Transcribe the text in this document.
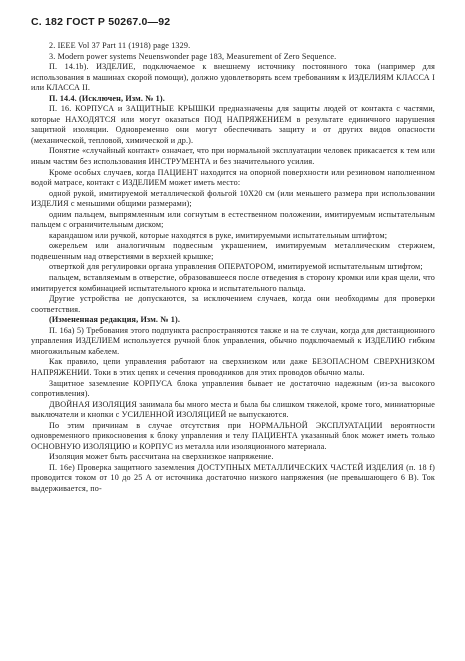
С. 182 ГОСТ Р 50267.0—92

2. IEEE Vol 37 Part 11 (1918) page 1329.

3. Modern power systems Neuenswonder page 183, Measurement of Zero Sequence.

П. 14.1b). ИЗДЕЛИЕ, подключаемое к внешнему источнику постоянного тока (например для использования в машинах скорой помощи), должно удовлетворять всем требованиям к ИЗДЕЛИЯМ КЛАССА I или КЛАССА II.

П. 14.4. (Исключен, Изм. № 1).

П. 16. КОРПУСА и ЗАЩИТНЫЕ КРЫШКИ предназначены для защиты людей от контакта с частями, которые НАХОДЯТСЯ или могут оказаться ПОД НАПРЯЖЕНИЕМ в результате единичного нарушения защитной изоляции. Одновременно они могут обеспечивать защиту и от других видов опасности (механической, тепловой, химической и др.).

Понятие «случайный контакт» означает, что при нормальной эксплуатации человек прикасается к тем или иным частям без использования ИНСТРУМЕНТА и без значительного усилия.

Кроме особых случаев, когда ПАЦИЕНТ находится на опорной поверхности или резиновом наполненном водой матрасе, контакт с ИЗДЕЛИЕМ может иметь место:

одной рукой, имитируемой металлической фольгой 10Х20 см (или меньшего размера при использовании ИЗДЕЛИЯ с меньшими общими размерами);

одним пальцем, выпрямленным или согнутым в естественном положении, имитируемым испытательным пальцем с ограничительным диском;

карандашом или ручкой, которые находятся в руке, имитируемыми испытательным штифтом;

ожерельем или аналогичным подвесным украшением, имитируемым металлическим стержнем, подвешенным над отверстиями в верхней крышке;

отверткой для регулировки органа управления ОПЕРАТОРОМ, имитируемой испытательным штифтом;

пальцем, вставляемым в отверстие, образовавшееся после отведения в сторону кромки или края щели, что имитируется комбинацией испытательного крюка и испытательного пальца.

Другие устройства не допускаются, за исключением случаев, когда они необходимы для проверки соответствия.

(Измененная редакция, Изм. № 1).

П. 16a) 5) Требования этого подпункта распространяются также и на те случаи, когда для дистанционного управления ИЗДЕЛИЕМ используется ручной блок управления, обычно подключаемый к ИЗДЕЛИЮ гибким многожильным кабелем.

Как правило, цепи управления работают на сверхнизком или даже БЕЗОПАСНОМ СВЕРХНИЗКОМ НАПРЯЖЕНИИ. Токи в этих цепях и сечения проводников для этих проводов обычно малы.

Защитное заземление КОРПУСА блока управления бывает не достаточно надежным (из-за высокого сопротивления).

ДВОЙНАЯ ИЗОЛЯЦИЯ занимала бы много места и была бы слишком тяжелой, кроме того, миниатюрные выключатели и кнопки с УСИЛЕННОЙ ИЗОЛЯЦИЕЙ не выпускаются.

По этим причинам в случае отсутствия при НОРМАЛЬНОЙ ЭКСПЛУАТАЦИИ вероятности одновременного прикосновения к блоку управления и телу ПАЦИЕНТА указанный блок может иметь только ОСНОВНУЮ ИЗОЛЯЦИЮ и КОРПУС из металла или изоляционного материала.

Изоляция может быть рассчитана на сверхнизкое напряжение.

П. 16e) Проверка защитного заземления ДОСТУПНЫХ МЕТАЛЛИЧЕСКИХ ЧАСТЕЙ ИЗДЕЛИЯ (п. 18 f) проводится током от 10 до 25 А от источника достаточно низкого напряжения (не превышающего 6 В). Ток выдерживается, по-
